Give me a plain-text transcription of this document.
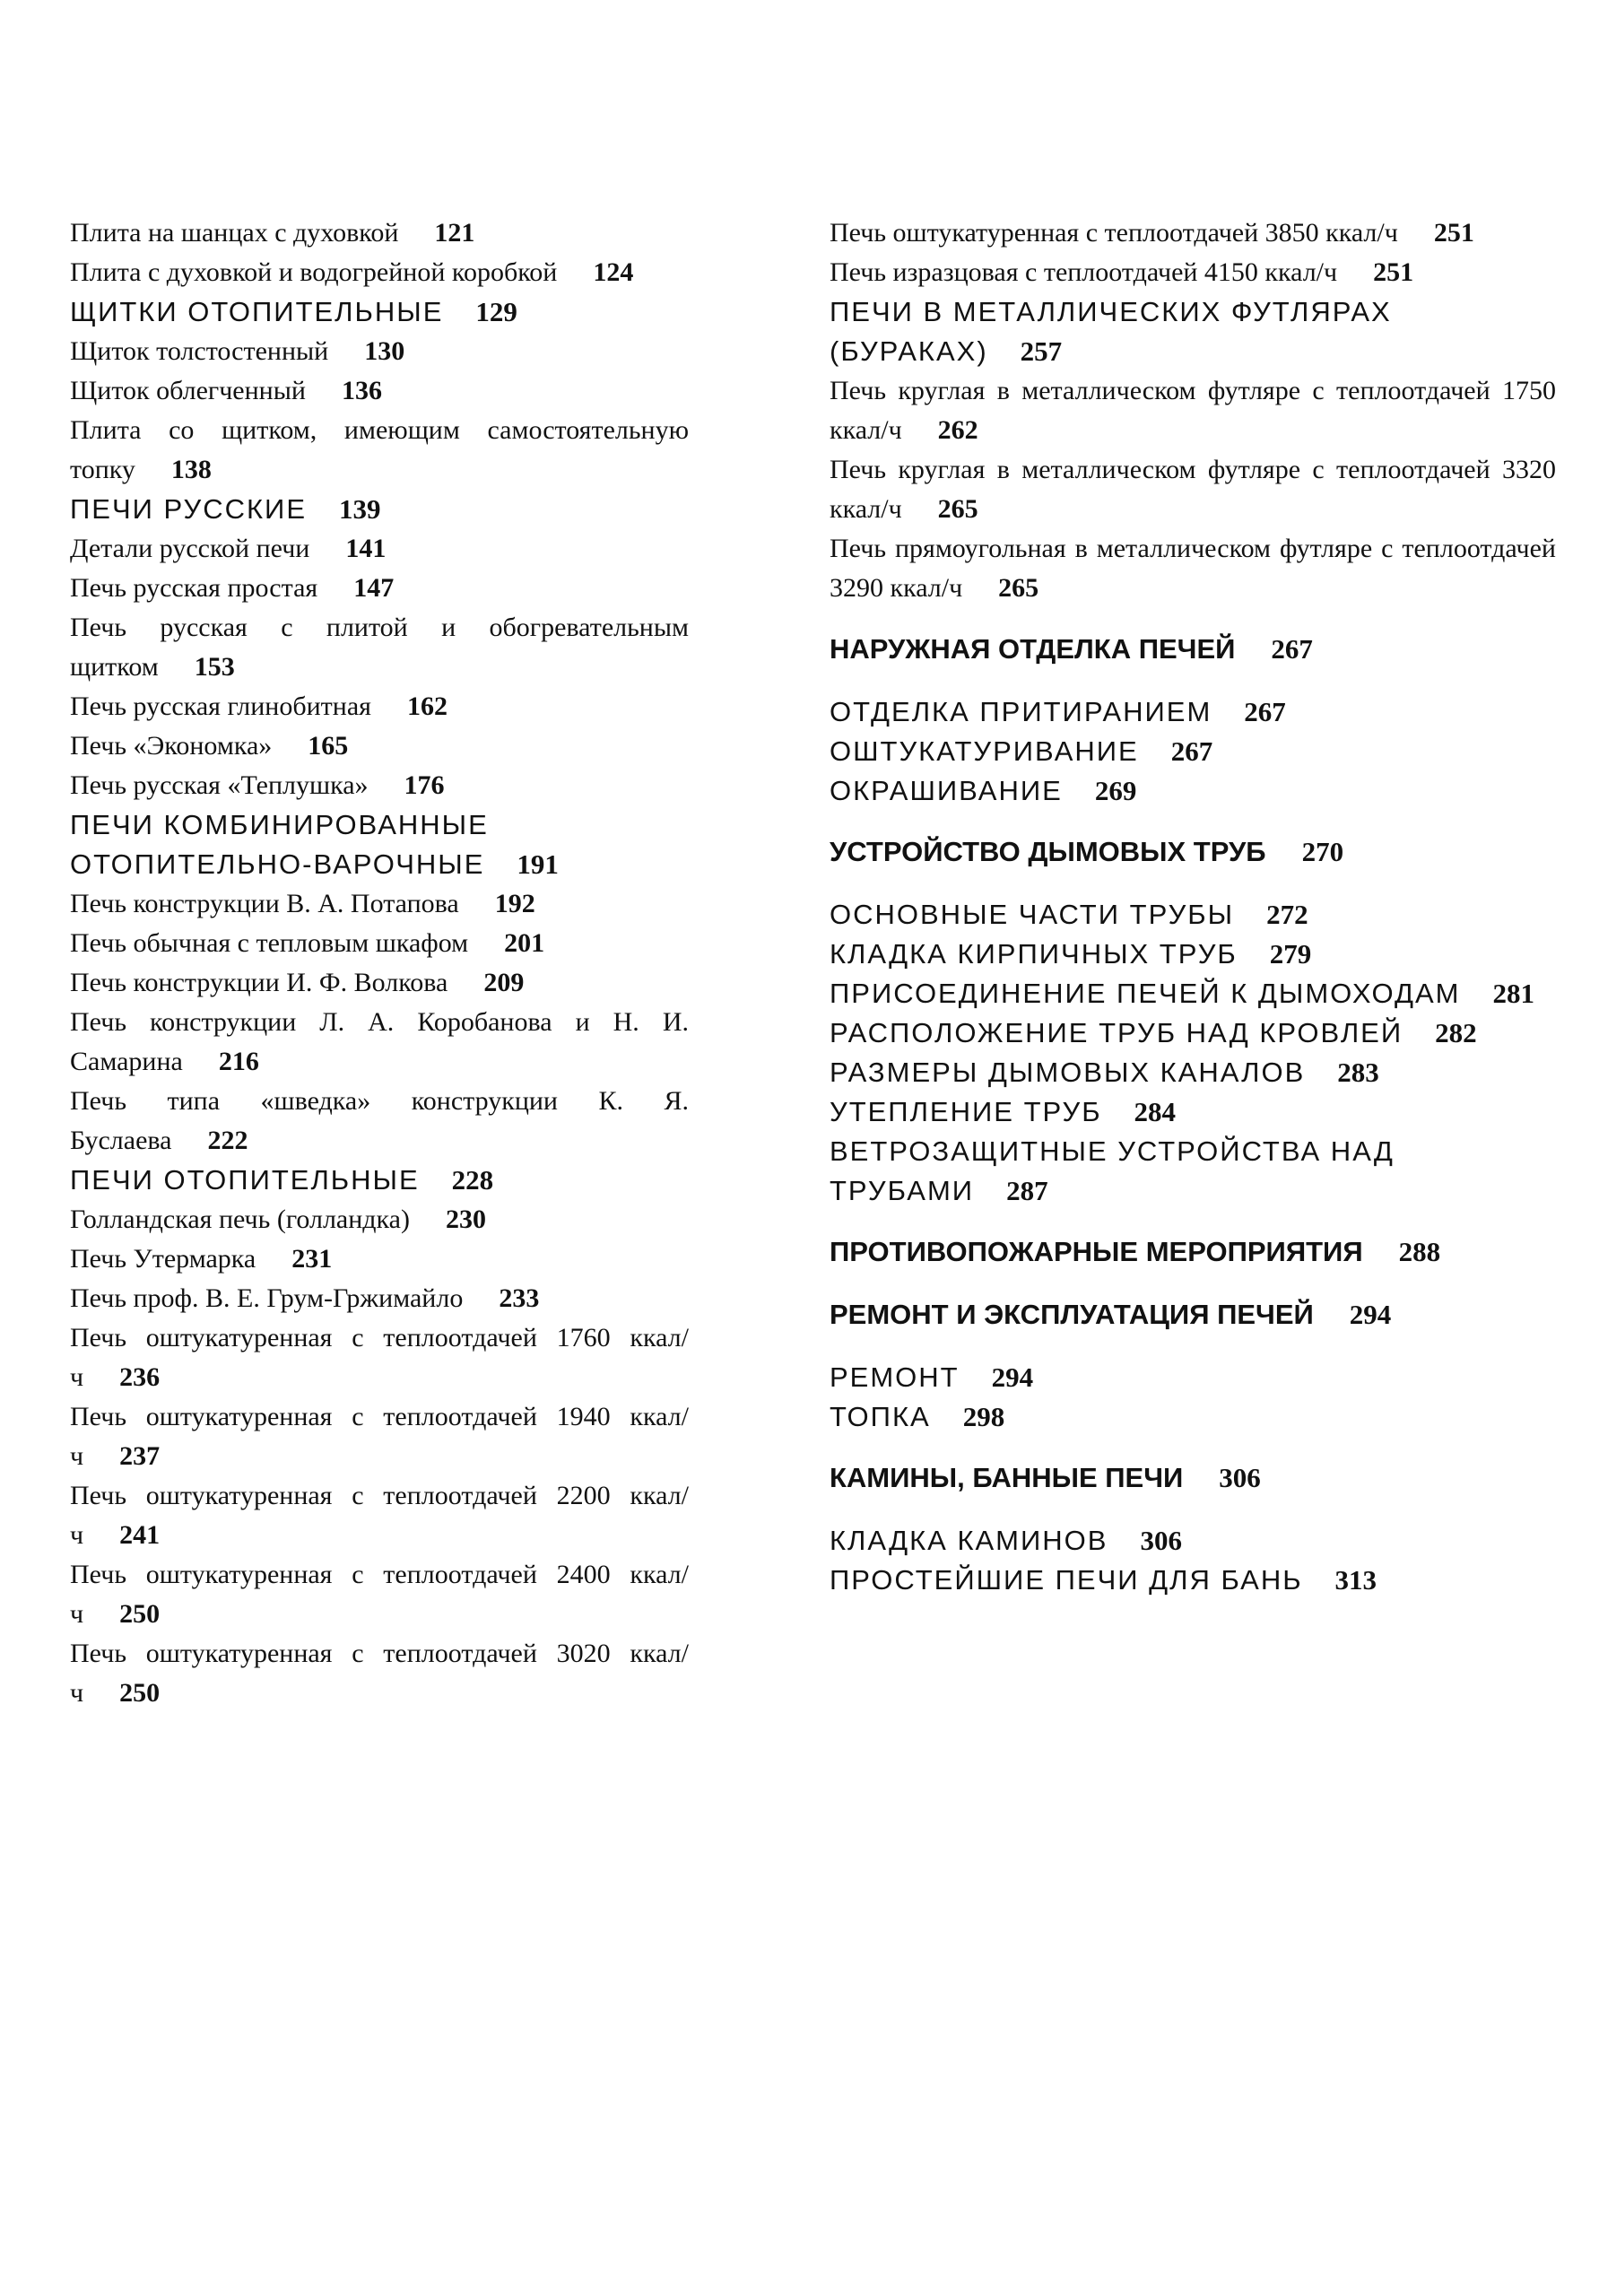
Плита на шанцах с духовкой 121

Плита с духовкой и водогрейной коробкой 124

ЩИТКИ ОТОПИТЕЛЬНЫЕ 129

Щиток толстостенный 130

Щиток облегченный 136

Плита со щитком, имеющим самостоятельную топку 138

ПЕЧИ РУССКИЕ 139

Детали русской печи 141

Печь русская простая 147

Печь русская с плитой и обогревательным щитком 153

Печь русская глинобитная 162

Печь «Экономка» 165

Печь русская «Теплушка» 176

ПЕЧИ КОМБИНИРОВАННЫЕ ОТОПИТЕЛЬНО-ВАРОЧНЫЕ 191

Печь конструкции В. А. Потапова 192

Печь обычная с тепловым шкафом 201

Печь конструкции И. Ф. Волкова 209

Печь конструкции Л. А. Коробанова и Н. И. Самарина 216

Печь типа «шведка» конструкции К. Я. Буслаева 222

ПЕЧИ ОТОПИТЕЛЬНЫЕ 228

Голландская печь (голландка) 230

Печь Утермарка 231

Печь проф. В. Е. Грум-Гржимайло 233

Печь оштукатуренная с теплоотдачей 1760 ккал/ч 236

Печь оштукатуренная с теплоотдачей 1940 ккал/ч 237

Печь оштукатуренная с теплоотдачей 2200 ккал/ч 241

Печь оштукатуренная с теплоотдачей 2400 ккал/ч 250

Печь оштукатуренная с теплоотдачей 3020 ккал/ч 250

Печь оштукатуренная с теплоотдачей 3850 ккал/ч 251

Печь изразцовая с теплоотдачей 4150 ккал/ч 251

ПЕЧИ В МЕТАЛЛИЧЕСКИХ ФУТЛЯРАХ (БУРАКАХ) 257

Печь круглая в металлическом футляре с теплоотдачей 1750 ккал/ч 262

Печь круглая в металлическом футляре с теплоотдачей 3320 ккал/ч 265

Печь прямоугольная в металлическом футляре с теплоотдачей 3290 ккал/ч 265

НАРУЖНАЯ ОТДЕЛКА ПЕЧЕЙ 267

ОТДЕЛКА ПРИТИРАНИЕМ 267

ОШТУКАТУРИВАНИЕ 267

ОКРАШИВАНИЕ 269

УСТРОЙСТВО ДЫМОВЫХ ТРУБ 270

ОСНОВНЫЕ ЧАСТИ ТРУБЫ 272

КЛАДКА КИРПИЧНЫХ ТРУБ 279

ПРИСОЕДИНЕНИЕ ПЕЧЕЙ К ДЫМОХОДАМ 281

РАСПОЛОЖЕНИЕ ТРУБ НАД КРОВЛЕЙ 282

РАЗМЕРЫ ДЫМОВЫХ КАНАЛОВ 283

УТЕПЛЕНИЕ ТРУБ 284

ВЕТРОЗАЩИТНЫЕ УСТРОЙСТВА НАД ТРУБАМИ 287

ПРОТИВОПОЖАРНЫЕ МЕРОПРИЯТИЯ 288

РЕМОНТ И ЭКСПЛУАТАЦИЯ ПЕЧЕЙ 294

РЕМОНТ 294

ТОПКА 298

КАМИНЫ, БАННЫЕ ПЕЧИ 306

КЛАДКА КАМИНОВ 306

ПРОСТЕЙШИЕ ПЕЧИ ДЛЯ БАНЬ 313
